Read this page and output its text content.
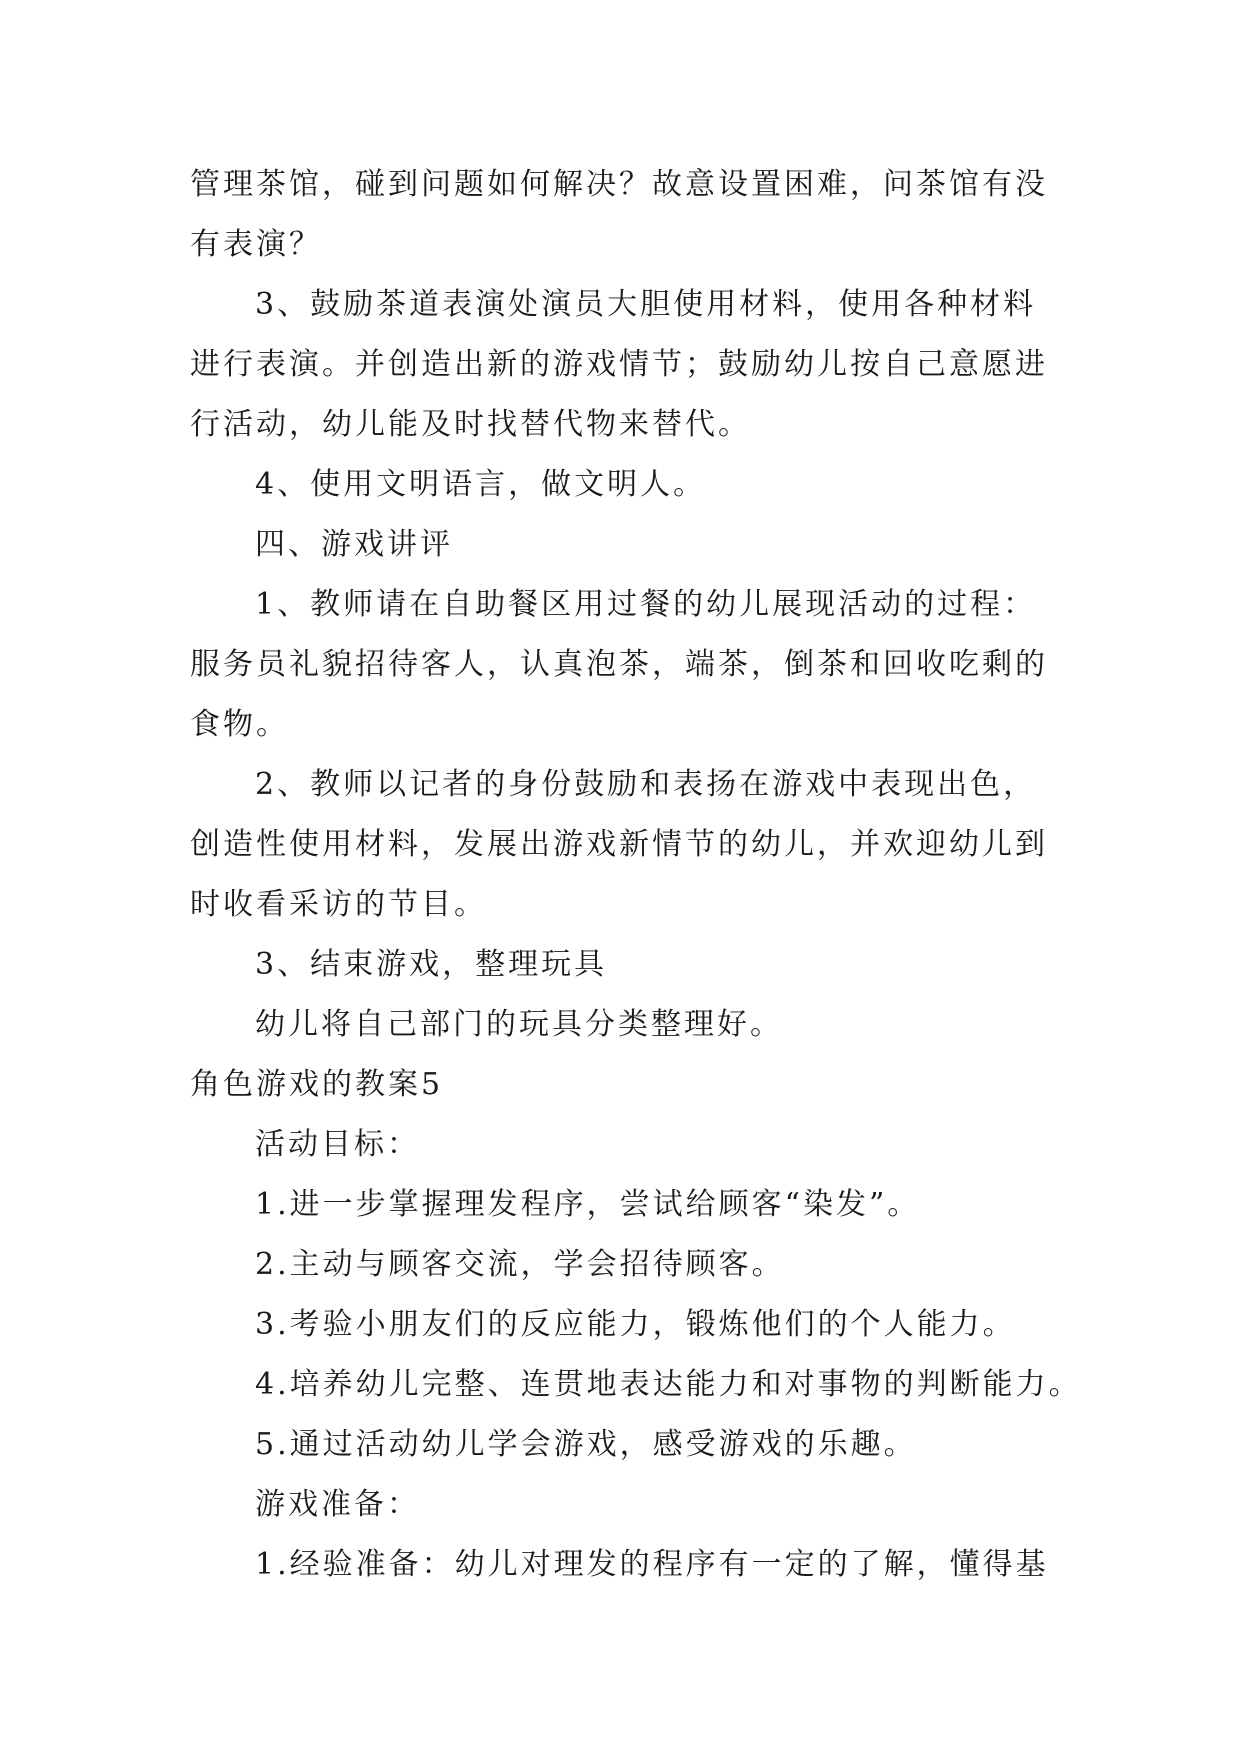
管理茶馆，碰到问题如何解决？故意设置困难，问茶馆有没
有表演？
3、鼓励茶道表演处演员大胆使用材料，使用各种材料
进行表演。并创造出新的游戏情节；鼓励幼儿按自己意愿进
行活动，幼儿能及时找替代物来替代。
4、使用文明语言，做文明人。
四、游戏讲评
1、教师请在自助餐区用过餐的幼儿展现活动的过程：
服务员礼貌招待客人，认真泡茶，端茶，倒茶和回收吃剩的
食物。
2、教师以记者的身份鼓励和表扬在游戏中表现出色，
创造性使用材料，发展出游戏新情节的幼儿，并欢迎幼儿到
时收看采访的节目。
3、结束游戏，整理玩具
幼儿将自己部门的玩具分类整理好。
角色游戏的教案5
活动目标：
1.进一步掌握理发程序，尝试给顾客“染发”。
2.主动与顾客交流，学会招待顾客。
3.考验小朋友们的反应能力，锻炼他们的个人能力。
4.培养幼儿完整、连贯地表达能力和对事物的判断能力。
5.通过活动幼儿学会游戏，感受游戏的乐趣。
游戏准备：
1.经验准备：幼儿对理发的程序有一定的了解，懂得基
